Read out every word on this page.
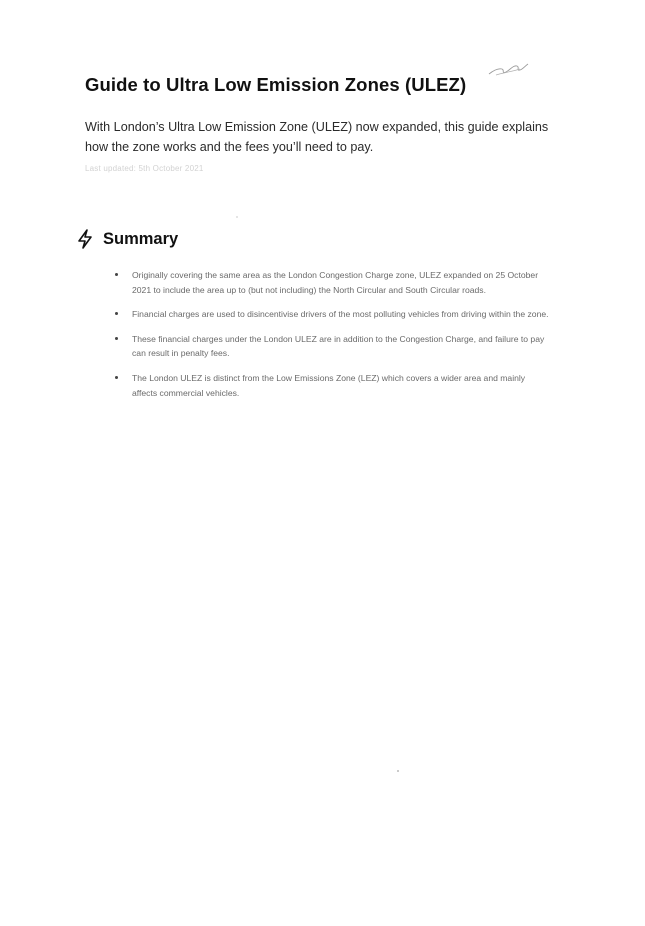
Guide to Ultra Low Emission Zones (ULEZ)

With London’s Ultra Low Emission Zone (ULEZ) now expanded, this guide explains how the zone works and the fees you’ll need to pay.

Last updated: 5th October 2021
Summary
Originally covering the same area as the London Congestion Charge zone, ULEZ expanded on 25 October 2021 to include the area up to (but not including) the North Circular and South Circular roads.
Financial charges are used to disincentivise drivers of the most polluting vehicles from driving within the zone.
These financial charges under the London ULEZ are in addition to the Congestion Charge, and failure to pay can result in penalty fees.
The London ULEZ is distinct from the Low Emissions Zone (LEZ) which covers a wider area and mainly affects commercial vehicles.
